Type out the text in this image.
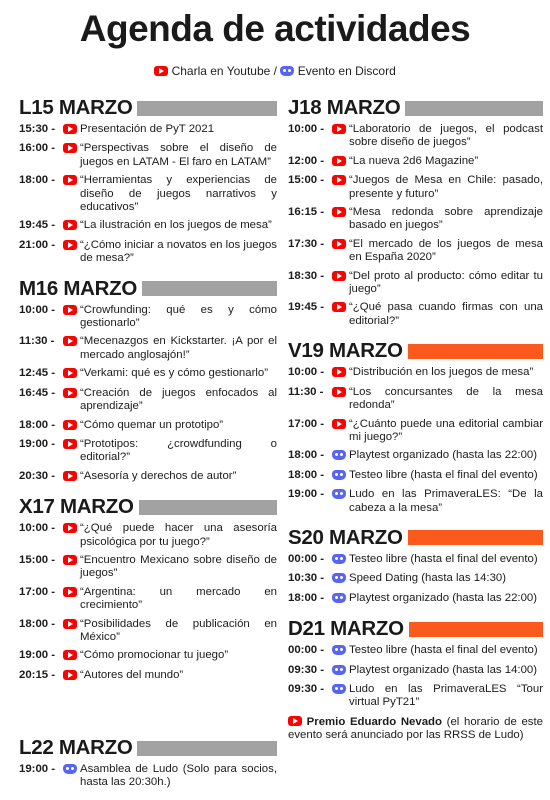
Agenda de actividades
Charla en Youtube / Evento en Discord
L15 MARZO
15:30 -	Presentación de PyT 2021
16:00 -	“Perspectivas sobre el diseño de juegos en LATAM - El faro en LATAM”
18:00 -	“Herramientas y experiencias de diseño de juegos narrativos y educativos”
19:45 -	“La ilustración en los juegos de mesa”
21:00 -	“¿Cómo iniciar a novatos en los juegos de mesa?”
M16 MARZO
10:00 -	“Crowfunding: qué es y cómo gestionarlo”
11:30 -	“Mecenazgos en Kickstarter. ¡A por el mercado anglosajón!”
12:45 -	“Verkami: qué es y cómo gestionarlo”
16:45 -	“Creación de juegos enfocados al aprendizaje”
18:00 -	“Cómo quemar un prototipo”
19:00 -	“Prototipos: ¿crowdfunding o editorial?”
20:30 -	“Asesoría y derechos de autor”
X17 MARZO
10:00 -	“¿Qué puede hacer una asesoría psicológica por tu juego?”
15:00 -	“Encuentro Mexicano sobre diseño de juegos”
17:00 -	“Argentina: un mercado en crecimiento”
18:00 -	“Posibilidades de publicación en México”
19:00 -	“Cómo promocionar tu juego”
20:15 -	“Autores del mundo”
J18 MARZO
10:00 -	“Laboratorio de juegos, el podcast sobre diseño de juegos”
12:00 -	“La nueva 2d6 Magazine”
15:00 -	“Juegos de Mesa en Chile: pasado, presente y futuro”
16:15 -	“Mesa redonda sobre aprendizaje basado en juegos”
17:30 -	“El mercado de los juegos de mesa en España 2020”
18:30 -	“Del proto al producto: cómo editar tu juego”
19:45 -	“¿Qué pasa cuando firmas con una editorial?”
V19 MARZO
10:00 -	“Distribución en los juegos de mesa”
11:30 -	“Los concursantes de la mesa redonda”
17:00 -	“¿Cuánto puede una editorial cambiar mi juego?”
18:00 -	Playtest organizado (hasta las 22:00)
18:00 -	Testeo libre (hasta el final del evento)
19:00 -	Ludo en las PrimaveraLES: “De la cabeza a la mesa”
S20 MARZO
00:00 -	Testeo libre (hasta el final del evento)
10:30 -	Speed Dating (hasta las 14:30)
18:00 -	Playtest organizado (hasta las 22:00)
D21 MARZO
00:00 -	Testeo libre (hasta el final del evento)
09:30 -	Playtest organizado (hasta las 14:00)
09:30 -	Ludo en las PrimaveraLES “Tour virtual PyT21”
Premio Eduardo Nevado (el horario de este evento será anunciado por las RRSS de Ludo)
L22 MARZO
19:00 -	Asamblea de Ludo (Solo para socios, hasta las 20:30h.)
